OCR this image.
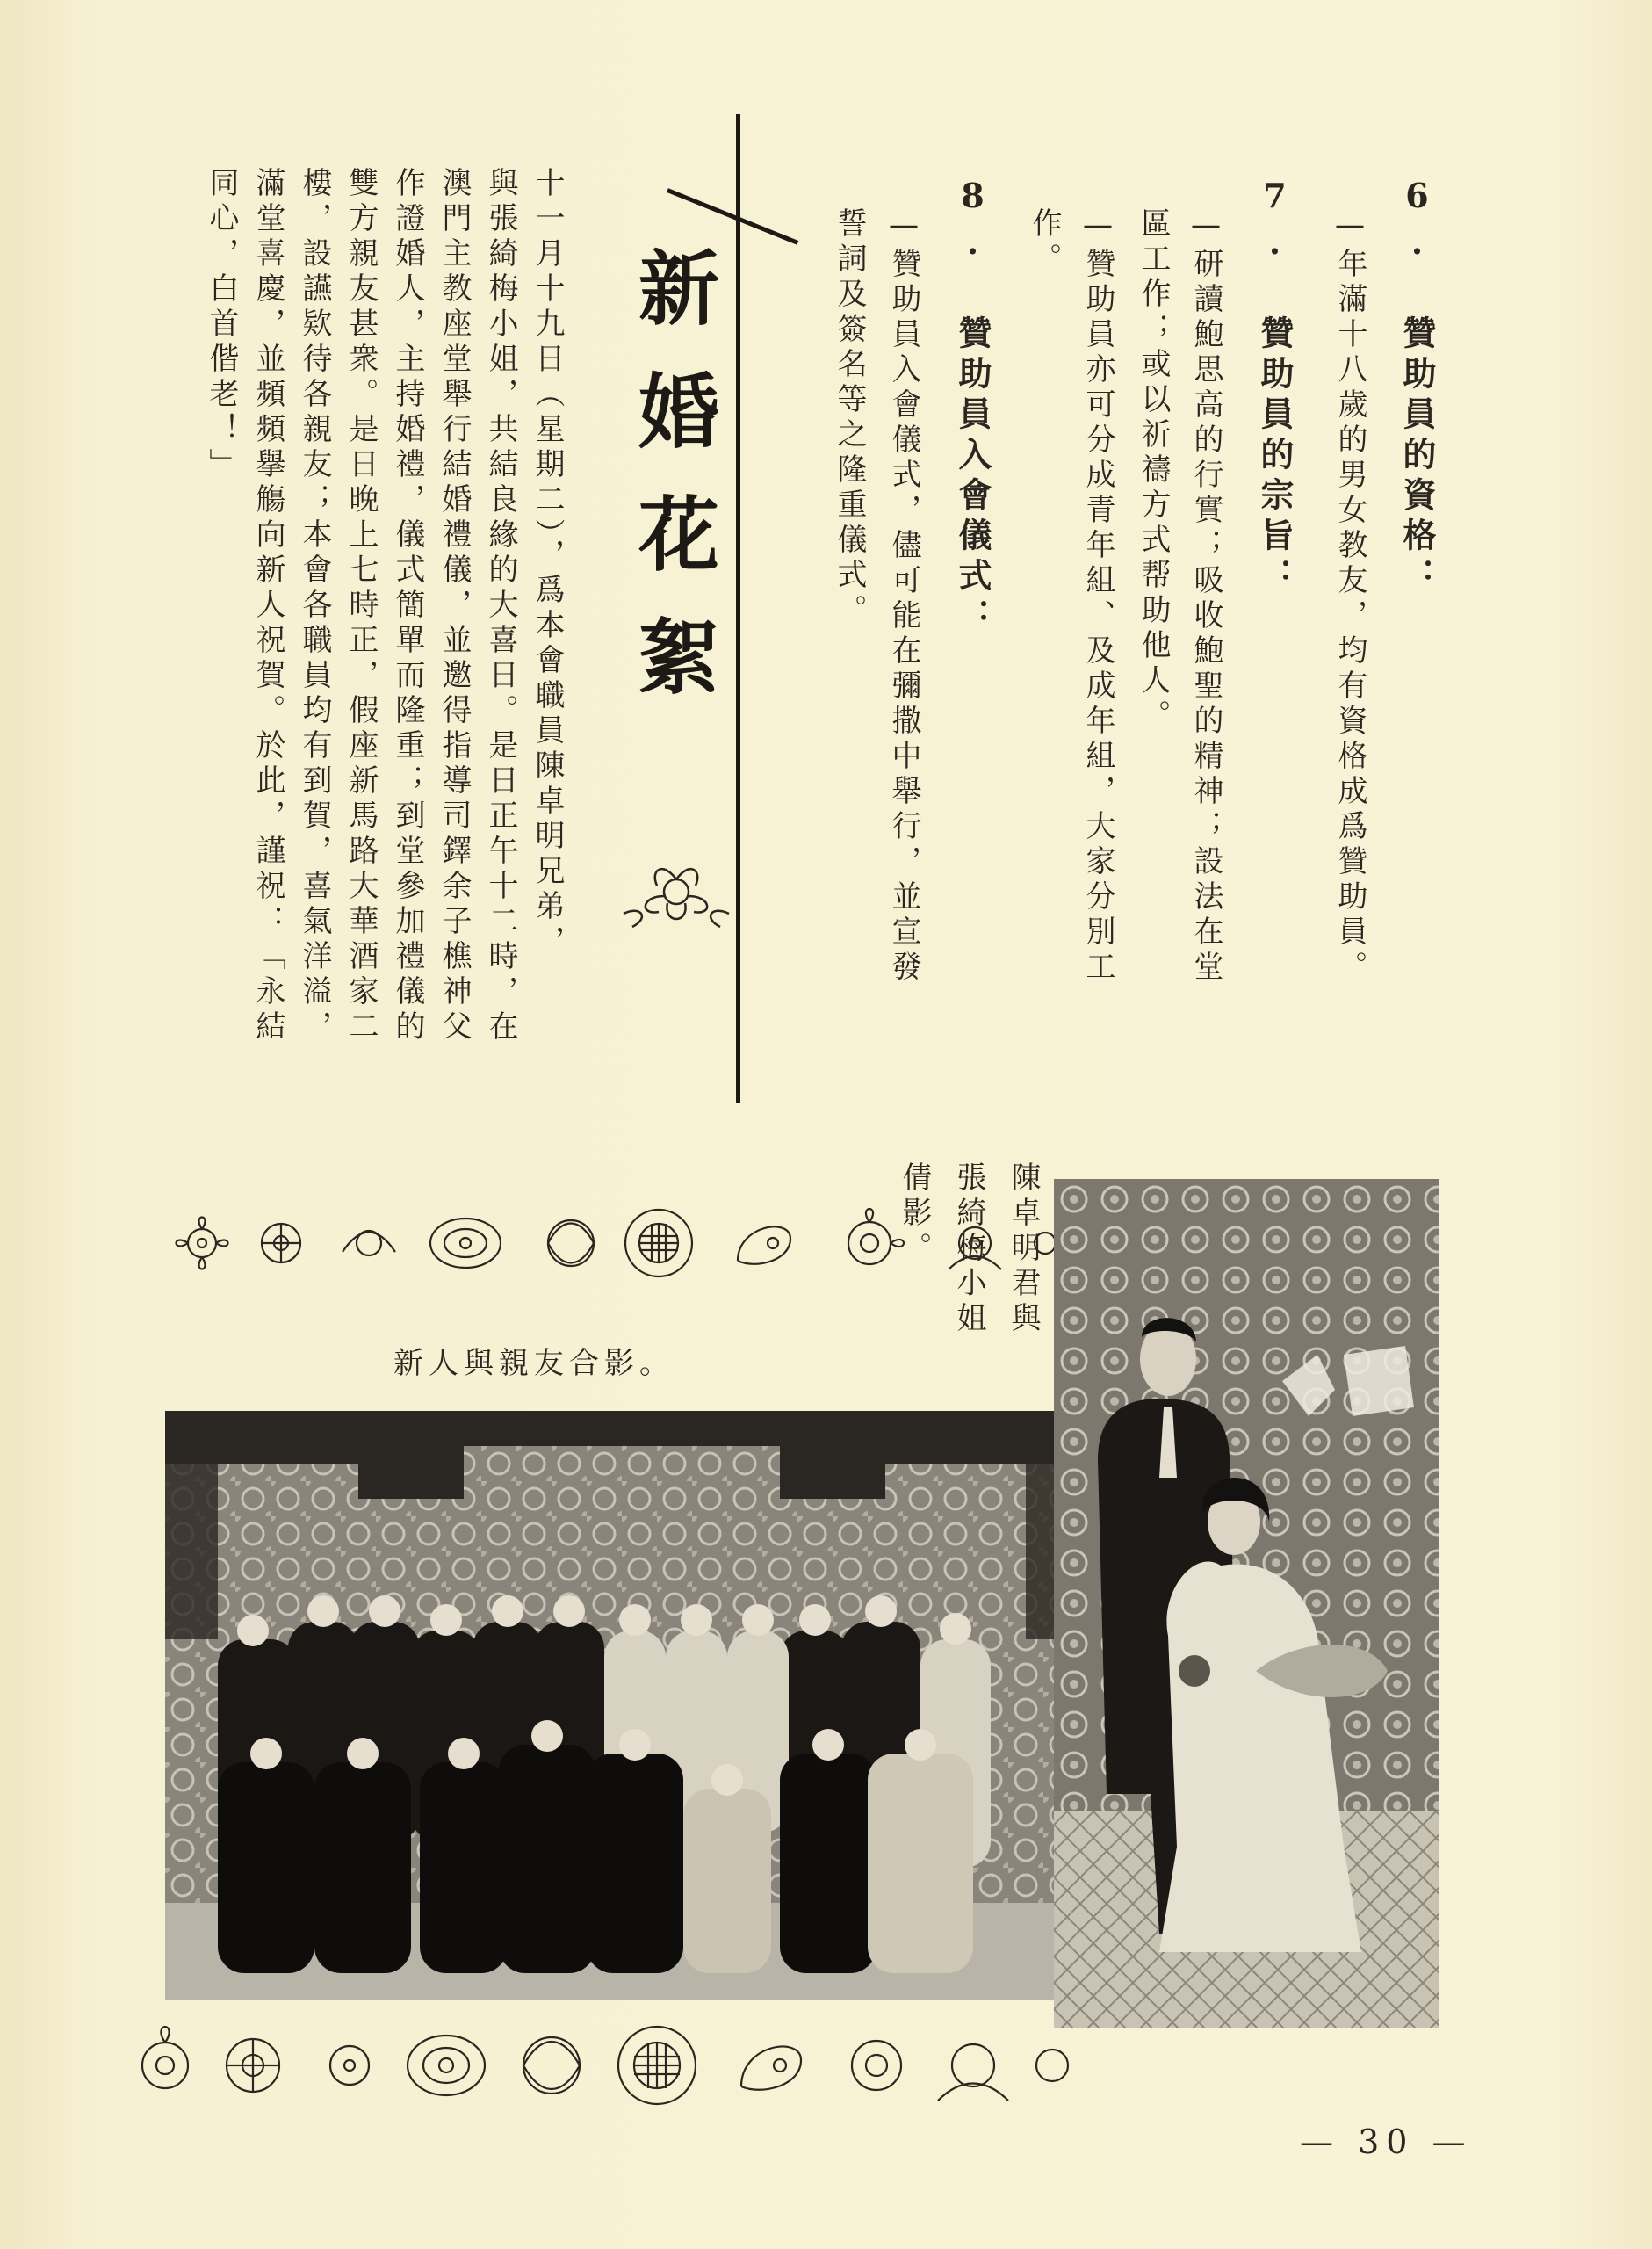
6. 贊助員的資格：
—年滿十八歲的男女教友，均有資格成爲贊助員。
7. 贊助員的宗旨：
—研讀鮑思高的行實；吸收鮑聖的精神；設法在堂
區工作；或以祈禱方式帮助他人。
—贊助員亦可分成青年組、及成年組，大家分別工
作。
8. 贊助員入會儀式：
—贊助員入會儀式，儘可能在彌撒中舉行，並宣發
誓詞及簽名等之隆重儀式。
新婚花絮
十一月十九日（星期二），爲本會職員陳卓明兄弟，
與張綺梅小姐，共結良緣的大喜日。是日正午十二時，在
澳門主教座堂舉行結婚禮儀，並邀得指導司鐸余子樵神父
作證婚人，主持婚禮，儀式簡單而隆重；到堂參加禮儀的
雙方親友甚衆。是日晚上七時正，假座新馬路大華酒家二
樓，設讌欵待各親友；本會各職員均有到賀，喜氣洋溢，
滿堂喜慶，並頻頻擧觴向新人祝賀。於此，謹祝：「永結
同心，白首偕老！」
新人與親友合影。
陳卓明君與
張綺梅小姐
倩影。
— 30 —
